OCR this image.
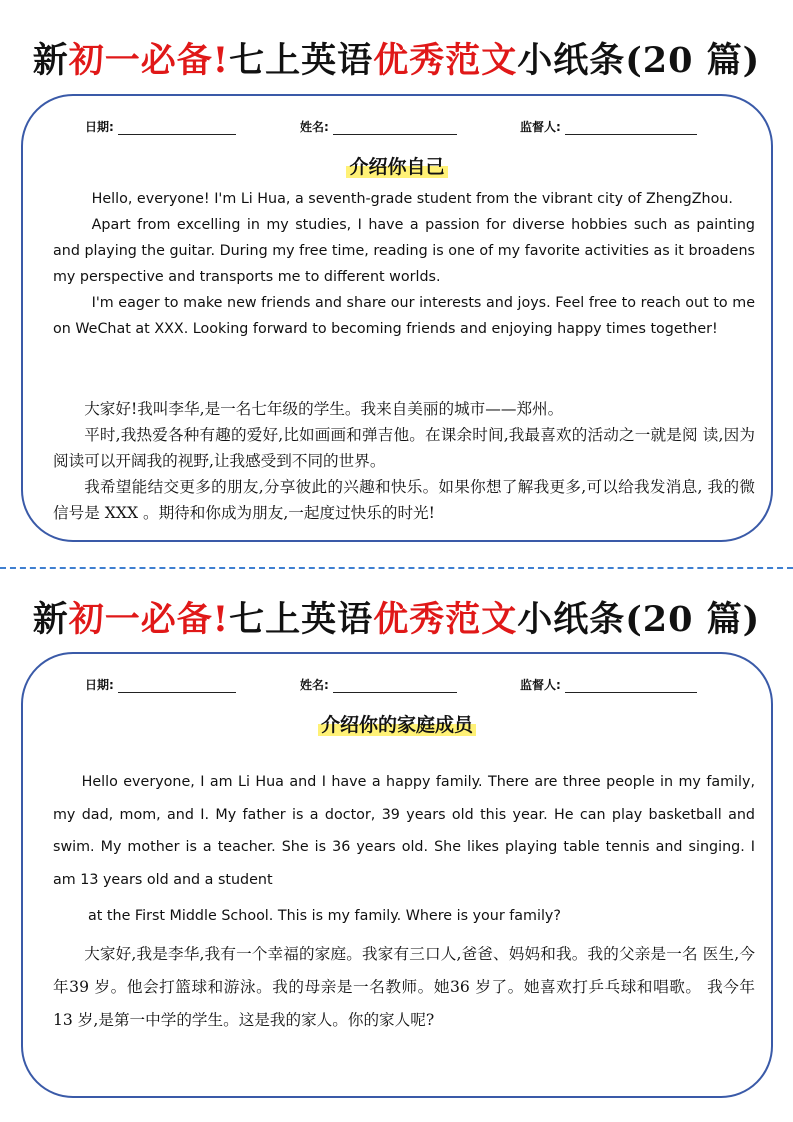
新初一必备!七上英语优秀范文小纸条(20 篇)
日期:	姓名:	监督人:
介绍你自己

Hello, everyone! I'm Li Hua, a seventh-grade student from the vibrant city of ZhengZhou.

Apart from excelling in my studies, I have a passion for diverse hobbies such as painting and playing the guitar. During my free time, reading is one of my favorite activities as it broadens my perspective and transports me to different worlds.

I'm eager to make new friends and share our interests and joys. Feel free to reach out to me on WeChat at XXX. Looking forward to becoming friends and enjoying happy times together!

大家好!我叫李华,是一名七年级的学生。我来自美丽的城市——郑州。

平时,我热爱各种有趣的爱好,比如画画和弹吉他。在课余时间,我最喜欢的活动之一就是阅 读,因为阅读可以开阔我的视野,让我感受到不同的世界。

我希望能结交更多的朋友,分享彼此的兴趣和快乐。如果你想了解我更多,可以给我发消息, 我的微信号是 XXX 。期待和你成为朋友,一起度过快乐的时光!

新初一必备!七上英语优秀范文小纸条(20 篇)
日期:	姓名:	监督人:
介绍你的家庭成员

Hello everyone, I am Li Hua and I have a happy family. There are three people in my family, my dad, mom, and I. My father is a doctor, 39 years old this year. He can play basketball and swim. My mother is a teacher. She is 36 years old. She likes playing table tennis and singing. I am 13 years old and a student

at the First Middle School. This is my family. Where is your family?

大家好,我是李华,我有一个幸福的家庭。我家有三口人,爸爸、妈妈和我。我的父亲是一名 医生,今年39 岁。他会打篮球和游泳。我的母亲是一名教师。她36 岁了。她喜欢打乒乓球和唱歌。 我今年 13 岁,是第一中学的学生。这是我的家人。你的家人呢?
